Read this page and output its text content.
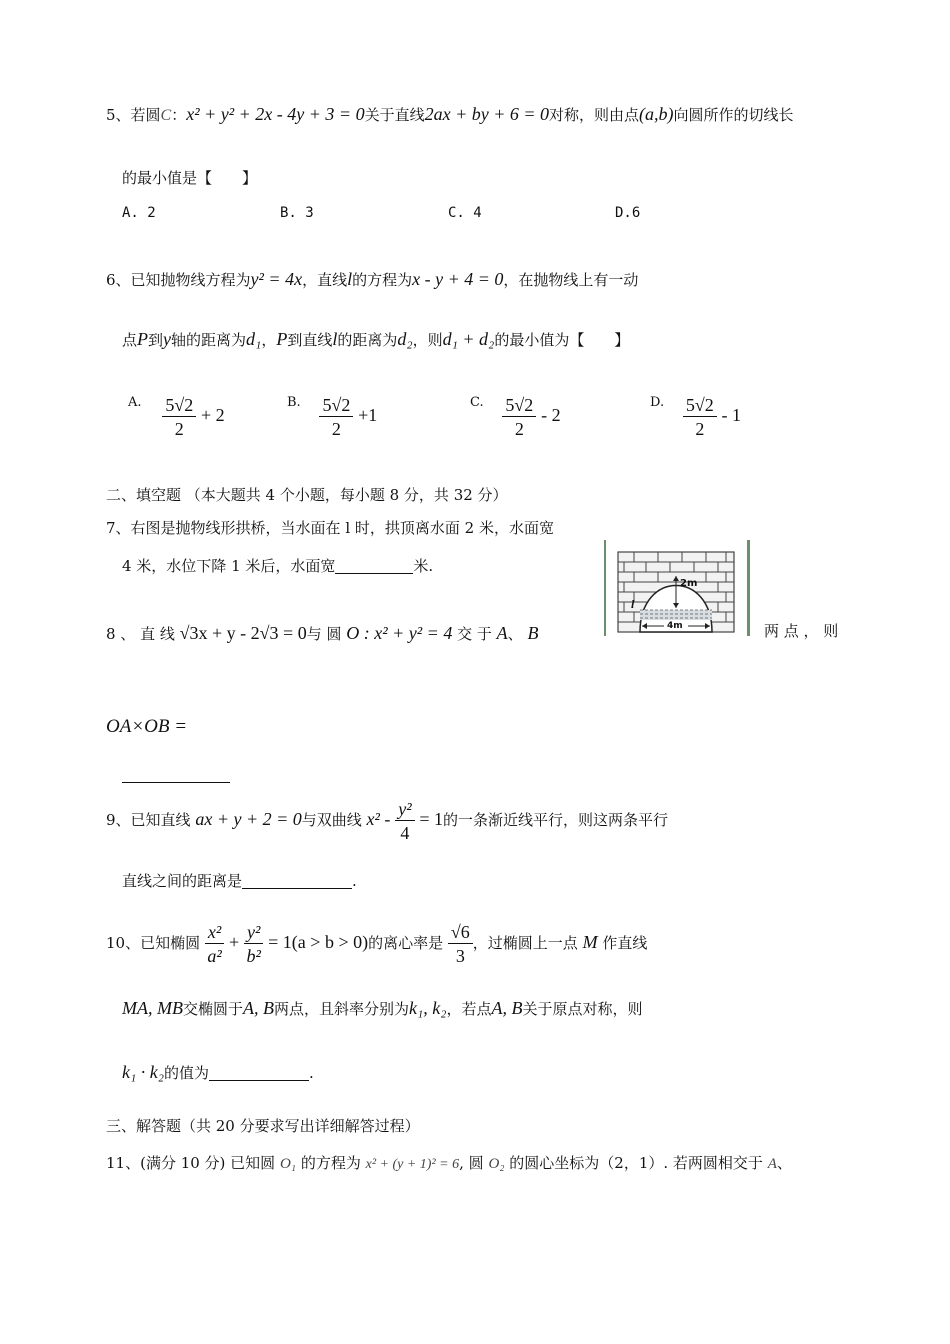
5、若圆C：x² + y² + 2x - 4y + 3 = 0关于直线2ax + by + 6 = 0对称，则由点(a,b)向圆所作的切线长
的最小值是【　　】
A. 2	B. 3	C. 4	D.6
6、已知抛物线方程为y² = 4x，直线l的方程为x - y + 4 = 0，在抛物线上有一动
点P到y轴的距离为d₁，P到直线l的距离为d₂，则d₁ + d₂的最小值为【　　】
A. $\frac{5√2}{2} + 2$
B. $\frac{5√2}{2} +1$
C. $\frac{5√2}{2} - 2$
D. $\frac{5√2}{2} - 1$
二、填空题 （本大题共 4 个小题，每小题 8 分，共 32 分）
7、右图是抛物线形拱桥，当水面在 l 时，拱顶离水面 2 米，水面宽
4 米，水位下降 1 米后，水面宽	米.
2m
4m
l
8 、 直 线 √3x + y - 2√3 = 0与 圆 O : x² + y² = 4 交 于 A、 B	两 点 ， 则
OA×OB =
9、已知直线 ax + y + 2 = 0与双曲线 $x^2 - \frac{\text{y²}}{4} = 1$的一条渐近线平行，则这两条平行
直线之间的距离是	.
10、已知椭圆 $\frac{\text{x²}}{\text{a²}} + \frac{\text{y²}}{\text{b²}} = 1(a > b > 0)$的离心率是 $\frac{√6}{3}$ ，过椭圆上一点 M 作直线
MA, MB交椭圆于A, B两点，且斜率分别为k₁, k₂，若点A, B关于原点对称，则
k₁ · k₂的值为	.
三、解答题（共 20 分要求写出详细解答过程）
11、(满分 10 分) 已知圆 O₁ 的方程为 x² + (y + 1)² = 6, 圆 O₂ 的圆心坐标为（2，1）. 若两圆相交于 A、
